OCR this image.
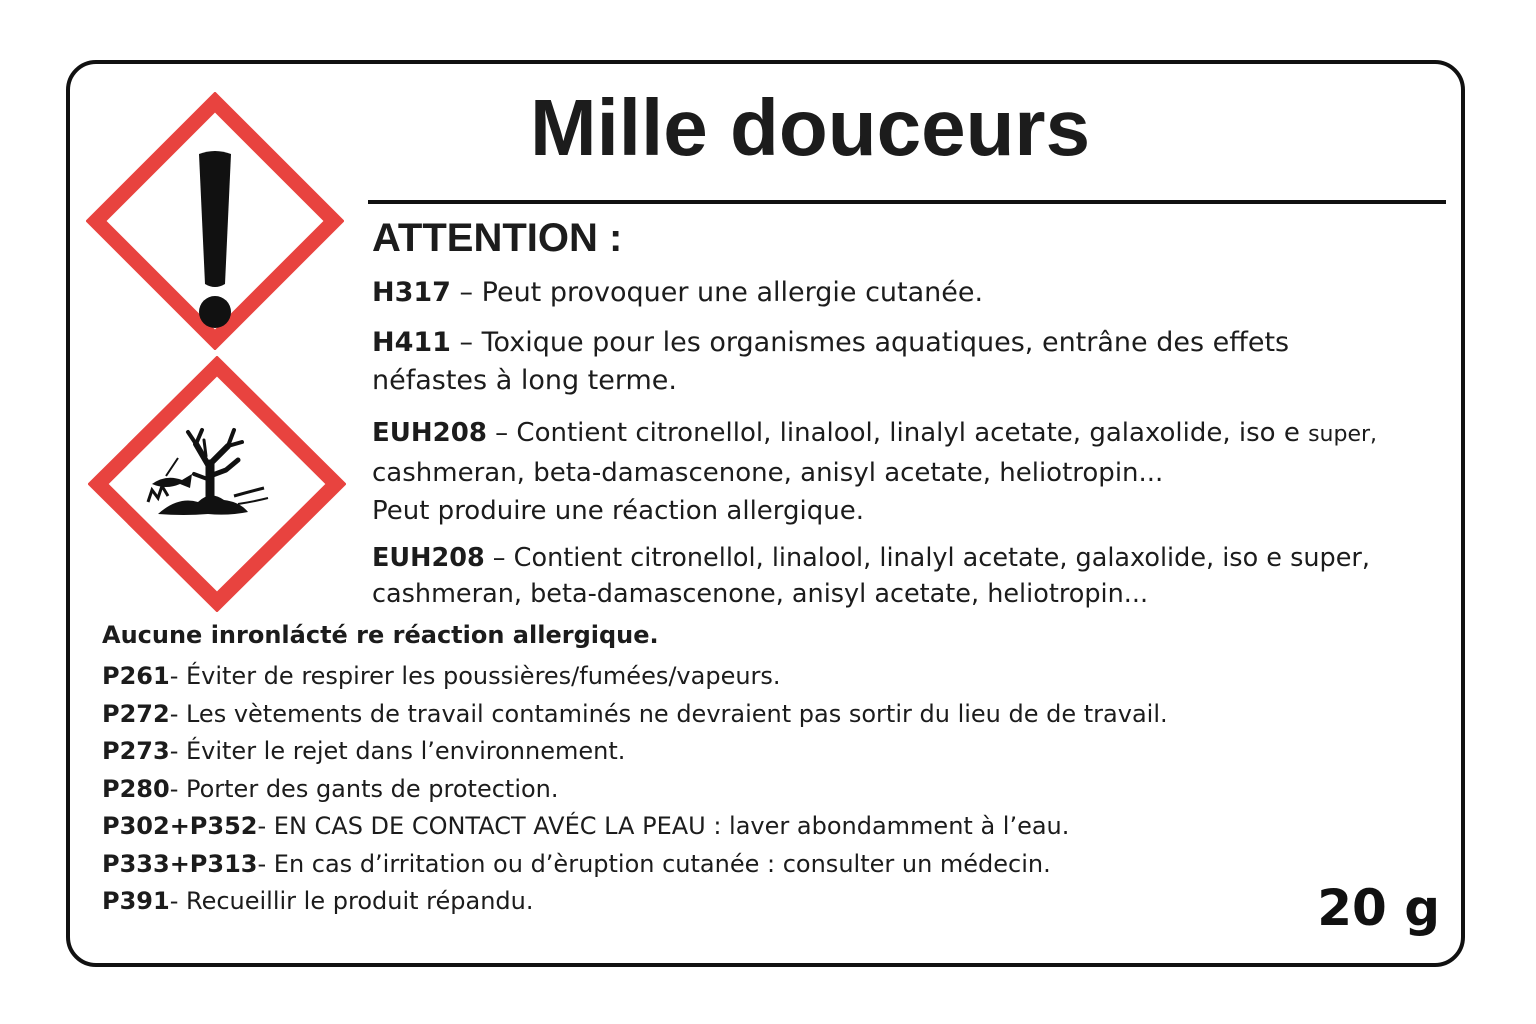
Mille douceurs
ATTENTION :
H317 – Peut provoquer une allergie cutanée.
H411 – Toxique pour les organismes aquatiques, entrâne des effets
néfastes à long terme.
EUH208 – Contient citronellol, linalool, linalyl acetate, galaxolide, iso e super,
cashmeran, beta-damascenone, anisyl acetate, heliotropin...
Peut produire une réaction allergique.
EUH208 – Contient citronellol, linalool, linalyl acetate, galaxolide, iso e super,
cashmeran, beta-damascenone, anisyl acetate, heliotropin...
Aucune inronlácté re réaction allergique.
P261- Éviter de respirer les poussières/fumées/vapeurs.
P272- Les vètements de travail contaminés ne devraient pas sortir du lieu de de travail.
P273- Éviter le rejet dans l’environnement.
P280- Porter des gants de protection.
P302+P352- EN CAS DE CONTACT AVÉC LA PEAU : laver abondamment à l’eau.
P333+P313- En cas d’irritation ou d’èruption cutanée : consulter un médecin.
P391- Recueillir le produit répandu.	20 g
